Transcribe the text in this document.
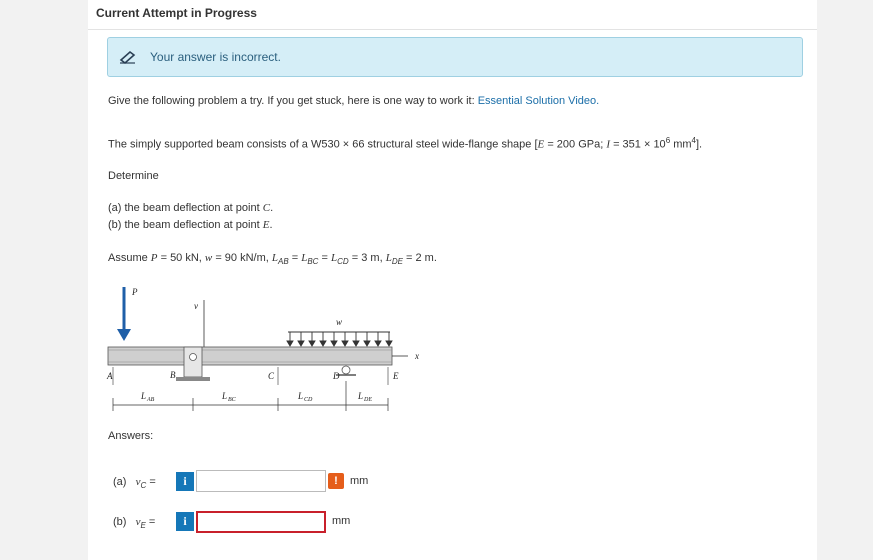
Current Attempt in Progress
Your answer is incorrect.
Give the following problem a try. If you get stuck, here is one way to work it: Essential Solution Video.
The simply supported beam consists of a W530 × 66 structural steel wide-flange shape [E = 200 GPa; $I = 351 \times 10^6$ $mm^4$].
Determine
(a) the beam deflection at point C.
(b) the beam deflection at point E.
Assume P = 50 kN, w = 90 kN/m, $L_{AB} = L_{BC} = L_{CD} = 3$ m, $L_{DE} = 2$ m.
P
v
w
x
B	D
A	C	E
L AB	L BC	L CD	L DE
Answers:
(a) $v_C$ =	i	!	mm
(b) $v_E$ =	i	mm
